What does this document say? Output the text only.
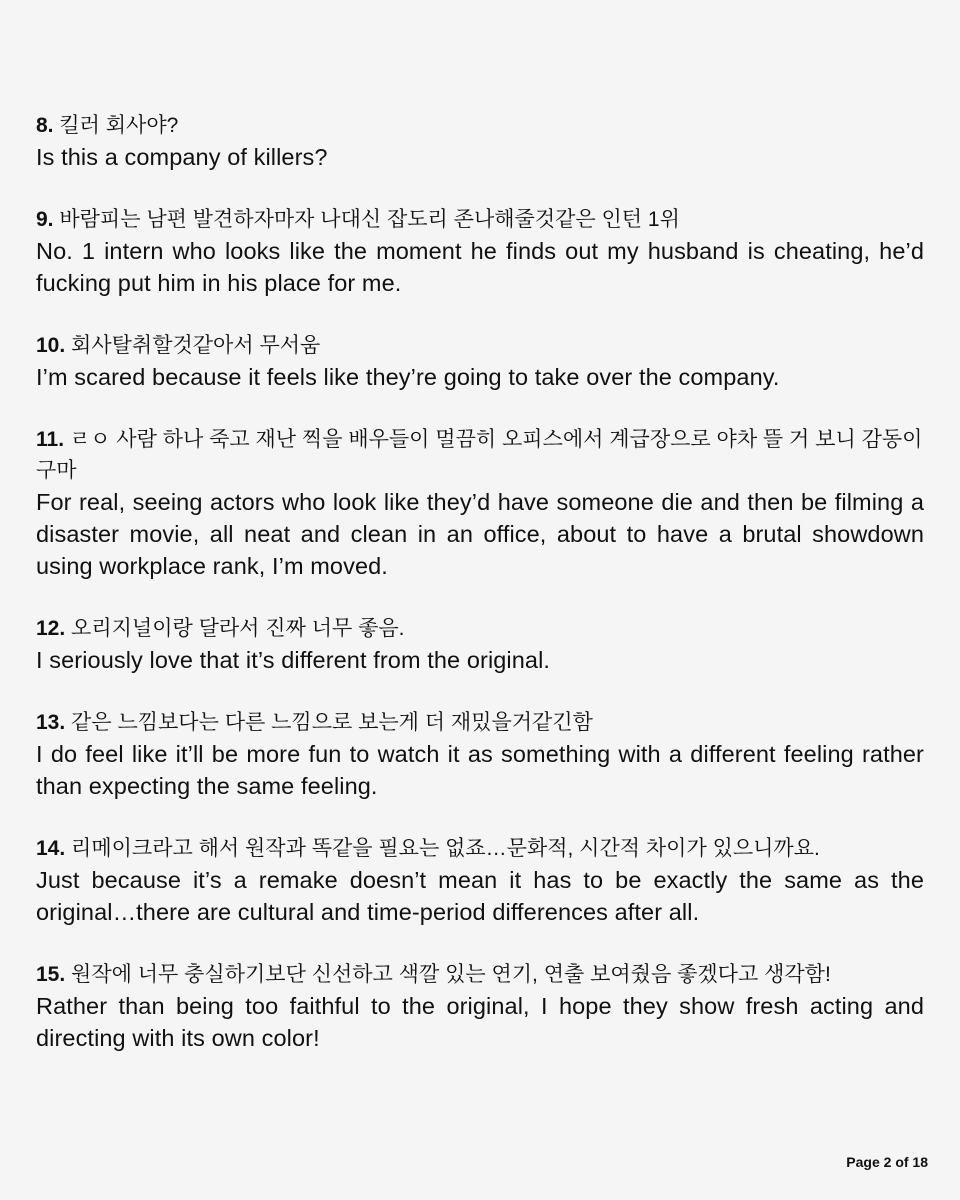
8. 킬러 회사야?

Is this a company of killers?

9. 바람피는 남편 발견하자마자 나대신 잡도리 존나해줄것같은 인턴 1위

No. 1 intern who looks like the moment he finds out my husband is cheating, he’d fucking put him in his place for me.

10. 회사탈취할것같아서 무서움

I’m scared because it feels like they’re going to take over the company.

11. ㄹㅇ 사람 하나 죽고 재난 찍을 배우들이 멀끔히 오피스에서 계급장으로 야차 뜰 거 보니 감동이구마

For real, seeing actors who look like they’d have someone die and then be filming a disaster movie, all neat and clean in an office, about to have a brutal showdown using workplace rank, I’m moved.

12. 오리지널이랑 달라서 진짜 너무 좋음.

I seriously love that it’s different from the original.

13. 같은 느낌보다는 다른 느낌으로 보는게 더 재밌을거같긴함

I do feel like it’ll be more fun to watch it as something with a different feeling rather than expecting the same feeling.

14. 리메이크라고 해서 원작과 똑같을 필요는 없죠…문화적, 시간적 차이가 있으니까요.

Just because it’s a remake doesn’t mean it has to be exactly the same as the original…there are cultural and time-period differences after all.

15. 원작에 너무 충실하기보단 신선하고 색깔 있는 연기, 연출 보여줬음 좋겠다고 생각함!

Rather than being too faithful to the original, I hope they show fresh acting and directing with its own color!

Page 2 of 18
